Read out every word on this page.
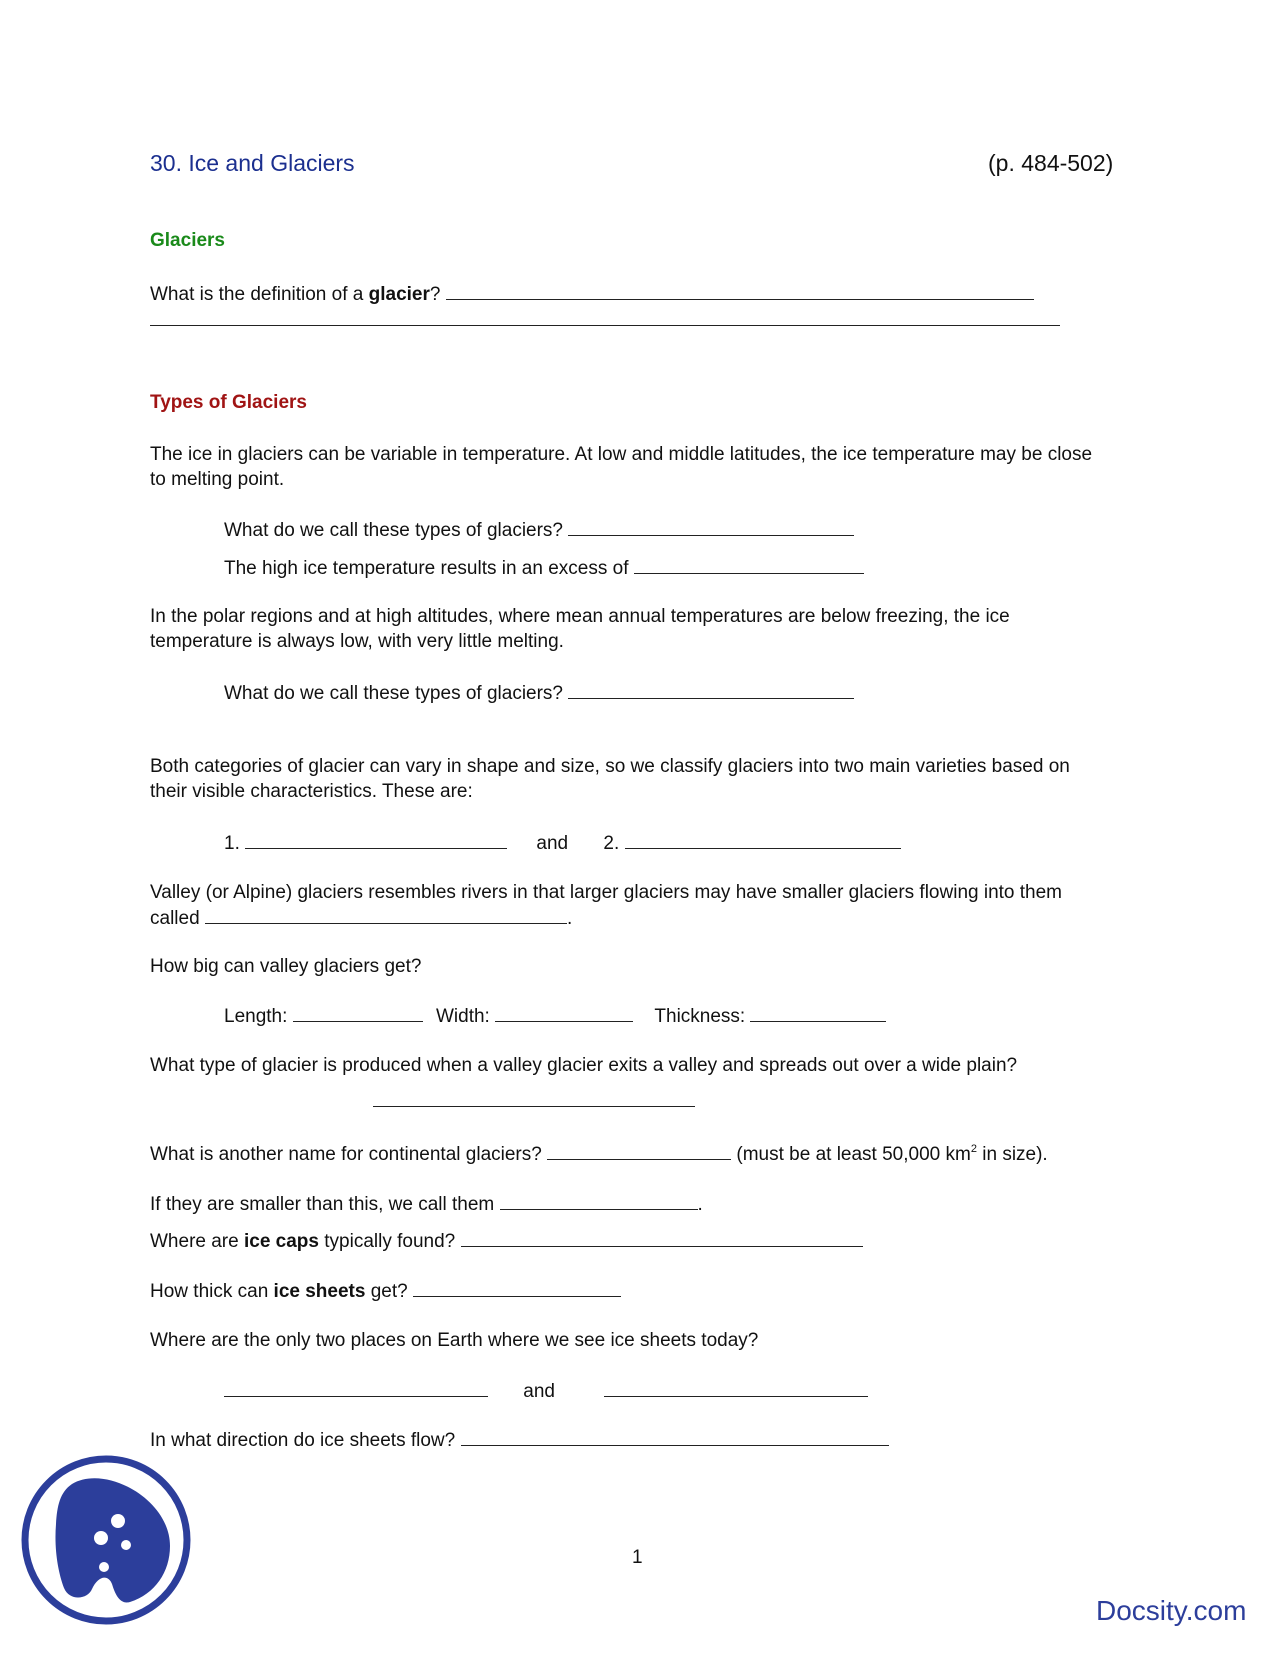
30. Ice and Glaciers	(p. 484-502)
Glaciers
What is the definition of a glacier?
Types of Glaciers
The ice in glaciers can be variable in temperature. At low and middle latitudes, the ice temperature may be close to melting point.
What do we call these types of glaciers?
The high ice temperature results in an excess of
In the polar regions and at high altitudes, where mean annual temperatures are below freezing, the ice temperature is always low, with very little melting.
What do we call these types of glaciers?
Both categories of glacier can vary in shape and size, so we classify glaciers into two main varieties based on their visible characteristics. These are:
1.	and 2.
Valley (or Alpine) glaciers resembles rivers in that larger glaciers may have smaller glaciers flowing into them called	.
How big can valley glaciers get?
Length:	Width:	Thickness:
What type of glacier is produced when a valley glacier exits a valley and spreads out over a wide plain?
What is another name for continental glaciers?	(must be at least 50,000 $km^2$ in size).
If they are smaller than this, we call them	.
Where are ice caps typically found?
How thick can ice sheets get?
Where are the only two places on Earth where we see ice sheets today?
and
In what direction do ice sheets flow?
1
Docsity.com
